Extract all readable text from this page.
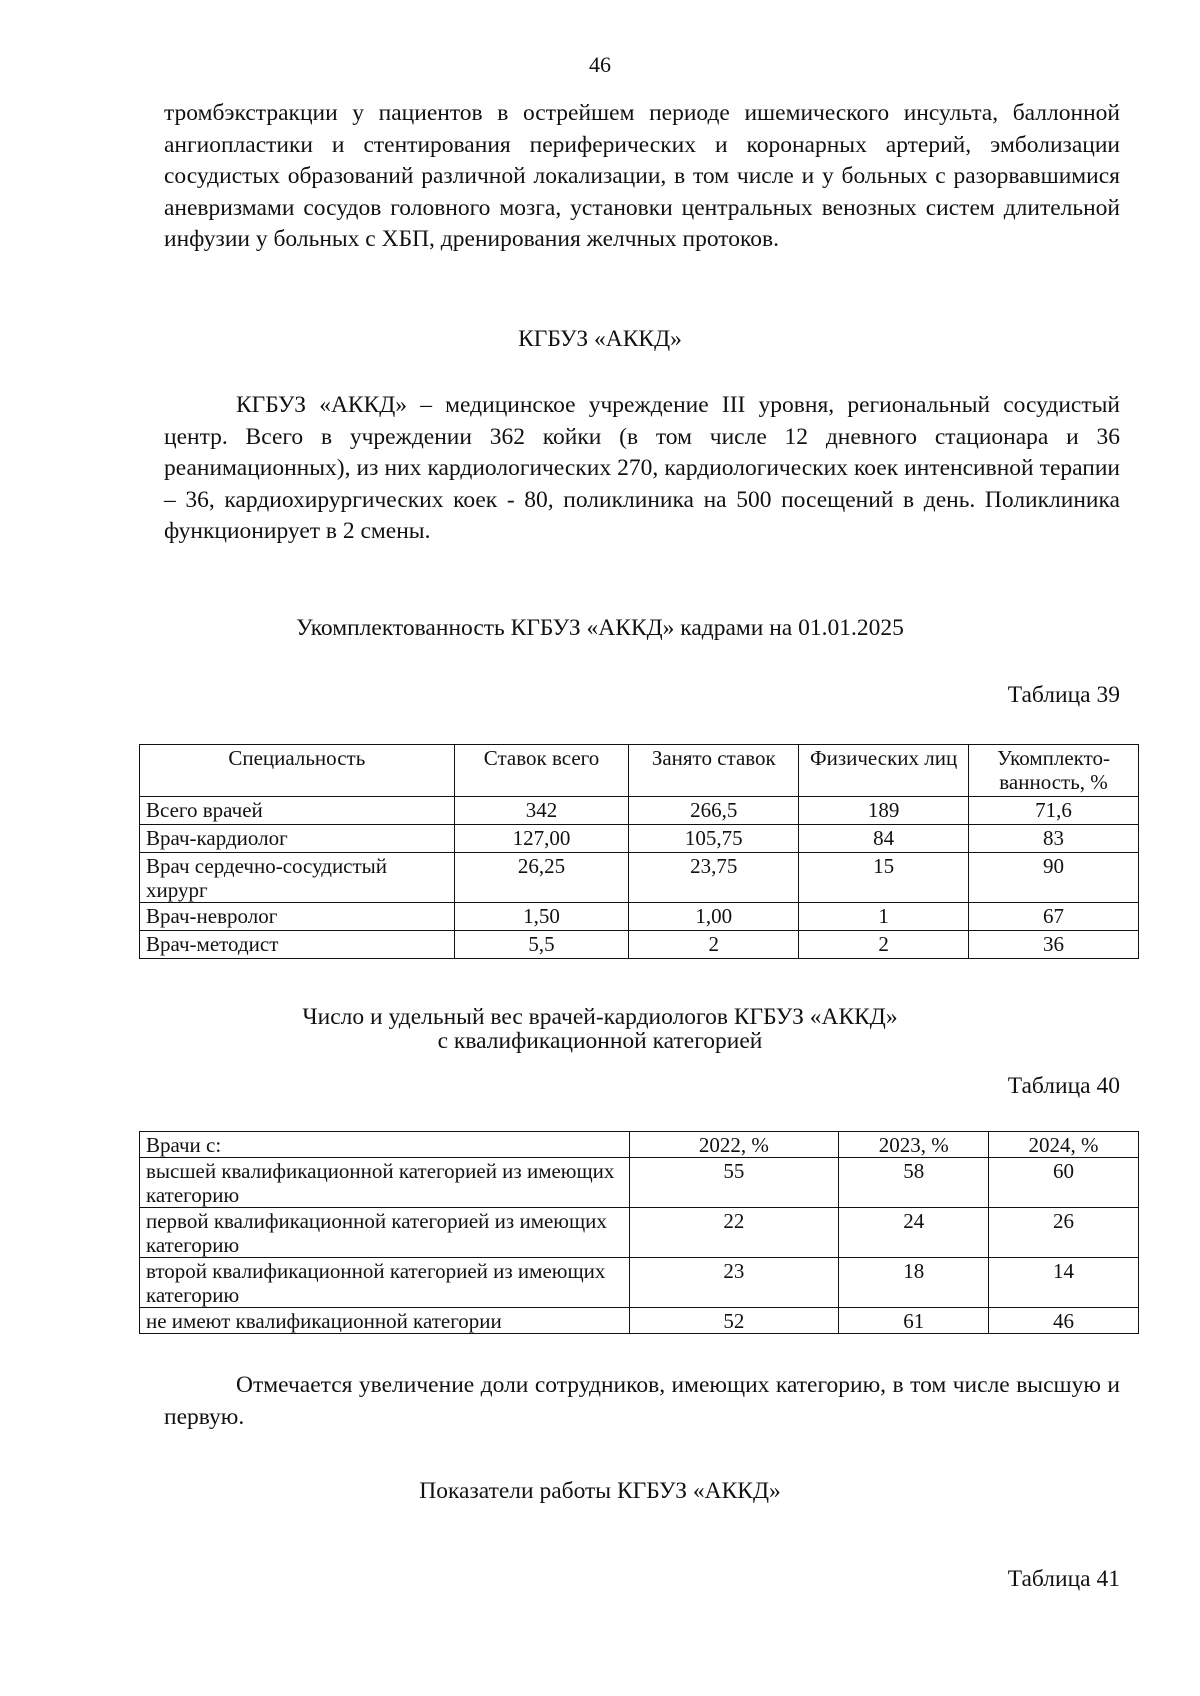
46
тромбэкстракции у пациентов в острейшем периоде ишемического инсульта, баллонной ангиопластики и стентирования периферических и коронарных артерий, эмболизации сосудистых образований различной локализации, в том числе и у больных с разорвавшимися аневризмами сосудов головного мозга, установки центральных венозных систем длительной инфузии у больных с ХБП, дренирования желчных протоков.
КГБУЗ «АККД»
КГБУЗ «АККД» – медицинское учреждение III уровня, региональный сосудистый центр. Всего в учреждении 362 койки (в том числе 12 дневного стационара и 36 реанимационных), из них кардиологических 270, кардиологических коек интенсивной терапии – 36, кардиохирургических коек - 80, поликлиника на 500 посещений в день. Поликлиника функционирует в 2 смены.
Укомплектованность КГБУЗ «АККД» кадрами на 01.01.2025
Таблица 39
Специальность	Ставок всего	Занято ставок	Физических лиц	Укомплекто-ванность, %
Всего врачей	342	266,5	189	71,6
Врач-кардиолог	127,00	105,75	84	83
Врач сердечно-сосудистый хирург	26,25	23,75	15	90
Врач-невролог	1,50	1,00	1	67
Врач-методист	5,5	2	2	36
Число и удельный вес врачей-кардиологов КГБУЗ «АККД»
с квалификационной категорией
Таблица 40
Врачи с:	2022, %	2023, %	2024, %
высшей квалификационной категорией из имеющих категорию	55	58	60
первой квалификационной категорией из имеющих категорию	22	24	26
второй квалификационной категорией из имеющих категорию	23	18	14
не имеют квалификационной категории	52	61	46
Отмечается увеличение доли сотрудников, имеющих категорию, в том числе высшую и первую.
Показатели работы КГБУЗ «АККД»
Таблица 41
